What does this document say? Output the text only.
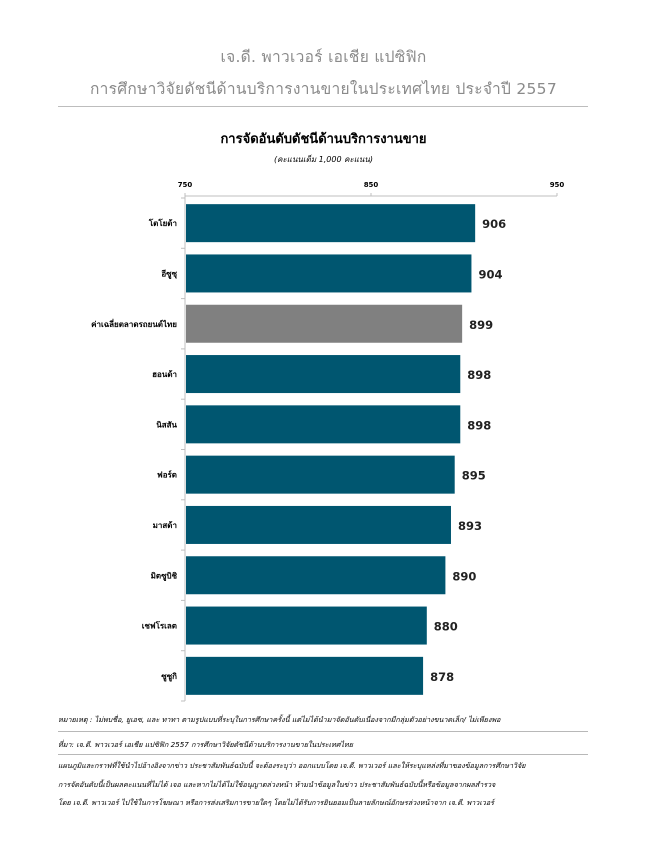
เจ.ดี. พาวเวอร์ เอเชีย แปซิฟิก
การศึกษาวิจัยดัชนีด้านบริการงานขายในประเทศไทย ประจำปี 2557
การจัดอันดับดัชนีด้านบริการงานขาย
(คะแนนเต็ม 1,000 คะแนน)
750	850	950
โตโยต้า	906
อีซูซุ	904
ค่าเฉลี่ยตลาดรถยนต์ไทย	899
ฮอนด้า	898
นิสสัน	898
ฟอร์ด	895
มาสด้า	893
มิตซูบิชิ	890
เชฟโรเลต	880
ซูซูกิ	878
หมายเหตุ : ไม่พบชื่อ, ยูเอซ, และ ทาทา ตามรูปแบบที่ระบุในการศึกษาครั้งนี้ แต่ไม่ได้นำมาจัดอันดับเนื่องจากมีกลุ่มตัวอย่างขนาดเล็ก/ ไม่เพียงพอ
ที่มา: เจ.ดี. พาวเวอร์ เอเชีย แปซิฟิก 2557 การศึกษาวิจัยดัชนีด้านบริการงานขายในประเทศไทย
แผนภูมิและกราฟที่ใช้นำไปอ้างอิงจากข่าว ประชาสัมพันธ์ฉบับนี้ จะต้องระบุว่า ออกแบบโดย เจ.ดี. พาวเวอร์ และให้ระบุแหล่งที่มาของข้อมูลการศึกษาวิจัย
การจัดอันดับนี้เป็นผลคะแนนที่ไม่ได้ เจอ และหากไม่ได้ไม่ใช้อนุญาตล่วงหน้า ห้ามนำข้อมูลในข่าว ประชาสัมพันธ์ฉบับนี้หรือข้อมูลจากผลสำรวจ
โดย เจ.ดี. พาวเวอร์ ไปใช้ในการโฆษณา หรือการส่งเสริมการขายใดๆ โดยไม่ได้รับการยินยอมเป็นลายลักษณ์อักษรล่วงหน้าจาก เจ.ดี. พาวเวอร์
